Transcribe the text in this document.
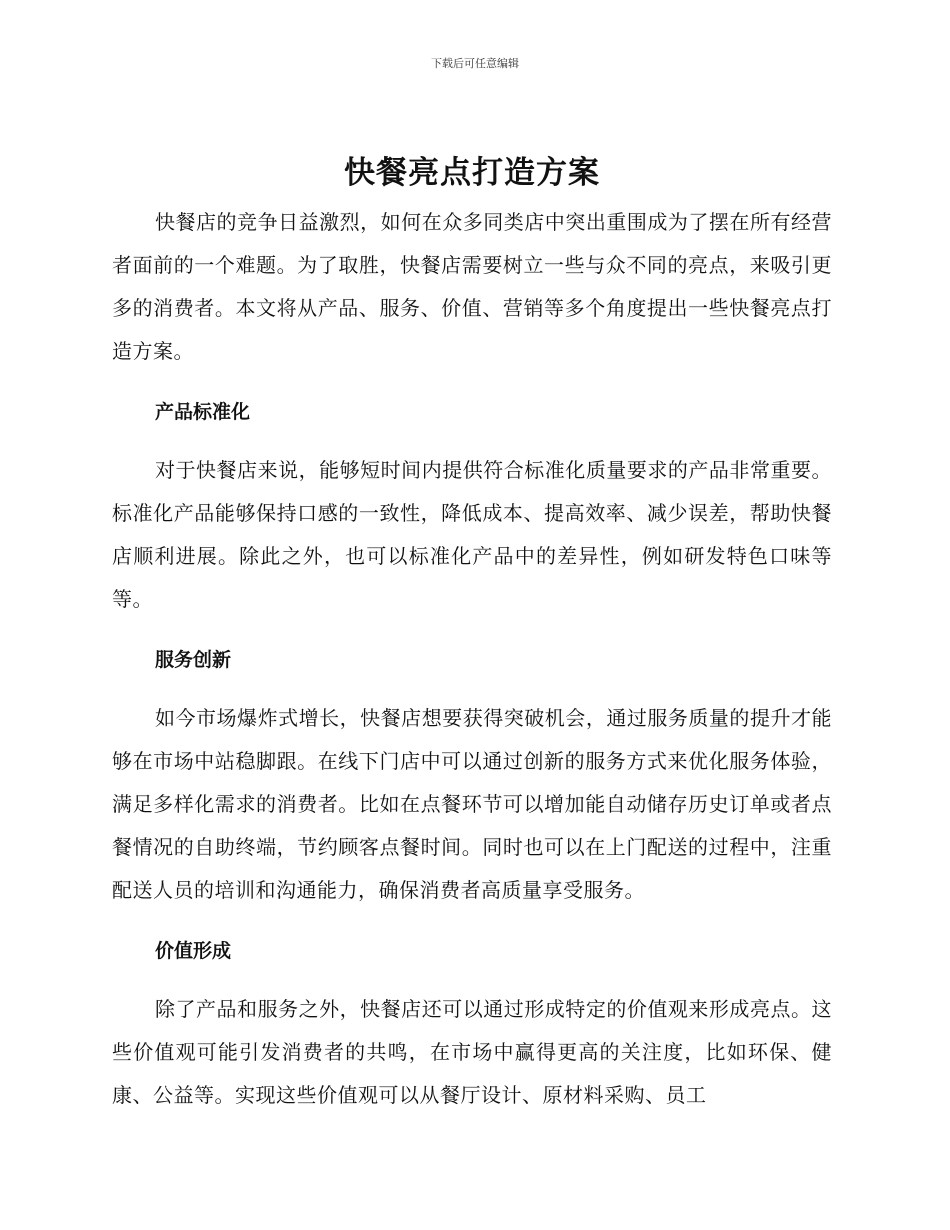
下载后可任意编辑
快餐亮点打造方案

快餐店的竞争日益激烈，如何在众多同类店中突出重围成为了摆在所有经营者面前的一个难题。为了取胜，快餐店需要树立一些与众不同的亮点，来吸引更多的消费者。本文将从产品、服务、价值、营销等多个角度提出一些快餐亮点打造方案。

产品标准化

对于快餐店来说，能够短时间内提供符合标准化质量要求的产品非常重要。标准化产品能够保持口感的一致性，降低成本、提高效率、减少误差，帮助快餐店顺利进展。除此之外，也可以标准化产品中的差异性，例如研发特色口味等等。

服务创新

如今市场爆炸式增长，快餐店想要获得突破机会，通过服务质量的提升才能够在市场中站稳脚跟。在线下门店中可以通过创新的服务方式来优化服务体验，满足多样化需求的消费者。比如在点餐环节可以增加能自动储存历史订单或者点餐情况的自助终端，节约顾客点餐时间。同时也可以在上门配送的过程中，注重配送人员的培训和沟通能力，确保消费者高质量享受服务。

价值形成

除了产品和服务之外，快餐店还可以通过形成特定的价值观来形成亮点。这些价值观可能引发消费者的共鸣，在市场中赢得更高的关注度，比如环保、健康、公益等。实现这些价值观可以从餐厅设计、原材料采购、员工
